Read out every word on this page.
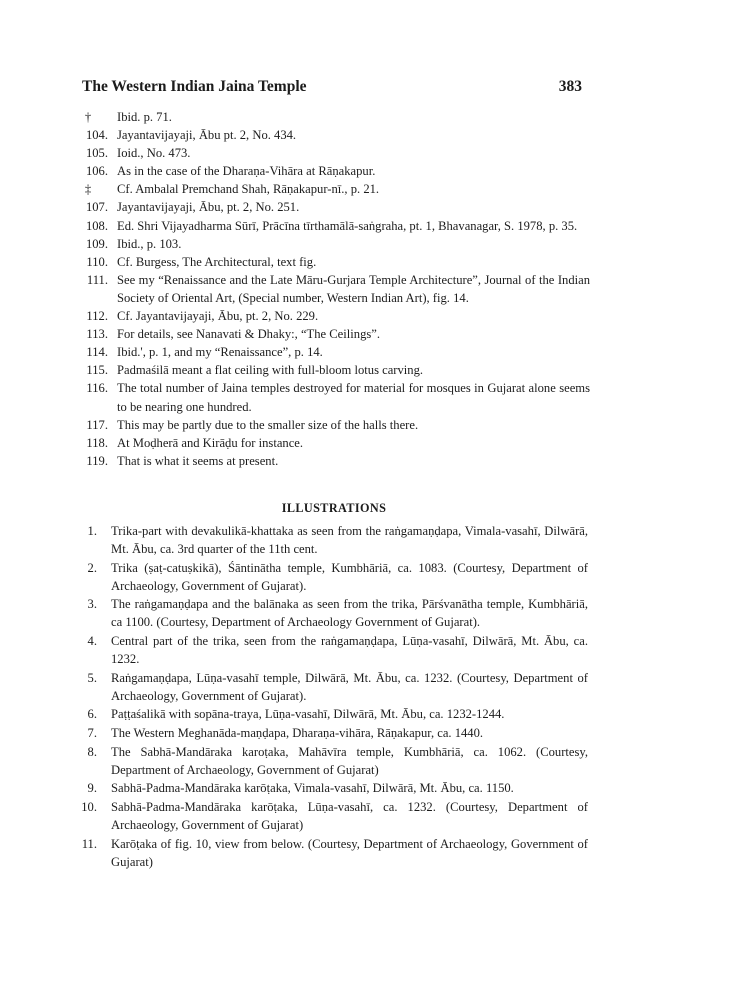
The Western Indian Jaina Temple	383
†	Ibid. p. 71.
104. Jayantavijayaji, Ābu pt. 2, No. 434.
105. Ioid., No. 473.
106. As in the case of the Dharaṇa-Vihāra at Rāṇakapur.
‡	Cf. Ambalal Premchand Shah, Rāṇakapur-nī., p. 21.
107. Jayantavijayaji, Ābu, pt. 2, No. 251.
108. Ed. Shri Vijayadharma Sūrī, Prācīna tīrthamālā-saṅgraha, pt. 1, Bhavanagar, S. 1978, p. 35.
109. Ibid., p. 103.
110. Cf. Burgess, The Architectural, text fig.
111. See my “Renaissance and the Late Māru-Gurjara Temple Architecture”, Journal of the Indian Society of Oriental Art, (Special number, Western Indian Art), fig. 14.
112. Cf. Jayantavijayaji, Ābu, pt. 2, No. 229.
113. For details, see Nanavati & Dhaky:, “The Ceilings”.
114. Ibid.', p. 1, and my “Renaissance”, p. 14.
115. Padmaśilā meant a flat ceiling with full-bloom lotus carving.
116. The total number of Jaina temples destroyed for material for mosques in Gujarat alone seems to be nearing one hundred.
117. This may be partly due to the smaller size of the halls there.
118. At Moḍherā and Kirāḍu for instance.
119. That is what it seems at present.
ILLUSTRATIONS
1. Trika-part with devakulikā-khattaka as seen from the raṅgamaṇḍapa, Vimala-vasahī, Dilwārā, Mt. Ābu, ca. 3rd quarter of the 11th cent.
2. Trika (ṣaṭ-catuṣkikā), Śāntinātha temple, Kumbhāriā, ca. 1083. (Courtesy, Department of Archaeology, Government of Gujarat).
3. The raṅgamaṇḍapa and the balānaka as seen from the trika, Pārśvanātha temple, Kumbhāriā, ca 1100. (Courtesy, Department of Archaeology Government of Gujarat).
4. Central part of the trika, seen from the raṅgamaṇḍapa, Lūṇa-vasahī, Dilwārā, Mt. Ābu, ca. 1232.
5. Raṅgamaṇḍapa, Lūṇa-vasahī temple, Dilwārā, Mt. Ābu, ca. 1232. (Courtesy, Department of Archaeology, Government of Gujarat).
6. Paṭṭaśalikā with sopāna-traya, Lūṇa-vasahī, Dilwārā, Mt. Ābu, ca. 1232-1244.
7. The Western Meghanāda-maṇḍapa, Dharaṇa-vihāra, Rāṇakapur, ca. 1440.
8. The Sabhā-Mandāraka karoṭaka, Mahāvīra temple, Kumbhāriā, ca. 1062. (Courtesy, Department of Archaeology, Government of Gujarat)
9. Sabhā-Padma-Mandāraka karōṭaka, Vimala-vasahī, Dilwārā, Mt. Ābu, ca. 1150.
10. Sabhā-Padma-Mandāraka karōṭaka, Lūṇa-vasahī, ca. 1232. (Courtesy, Department of Archaeology, Government of Gujarat)
11. Karōṭaka of fig. 10, view from below. (Courtesy, Department of Archaeology, Government of Gujarat)
